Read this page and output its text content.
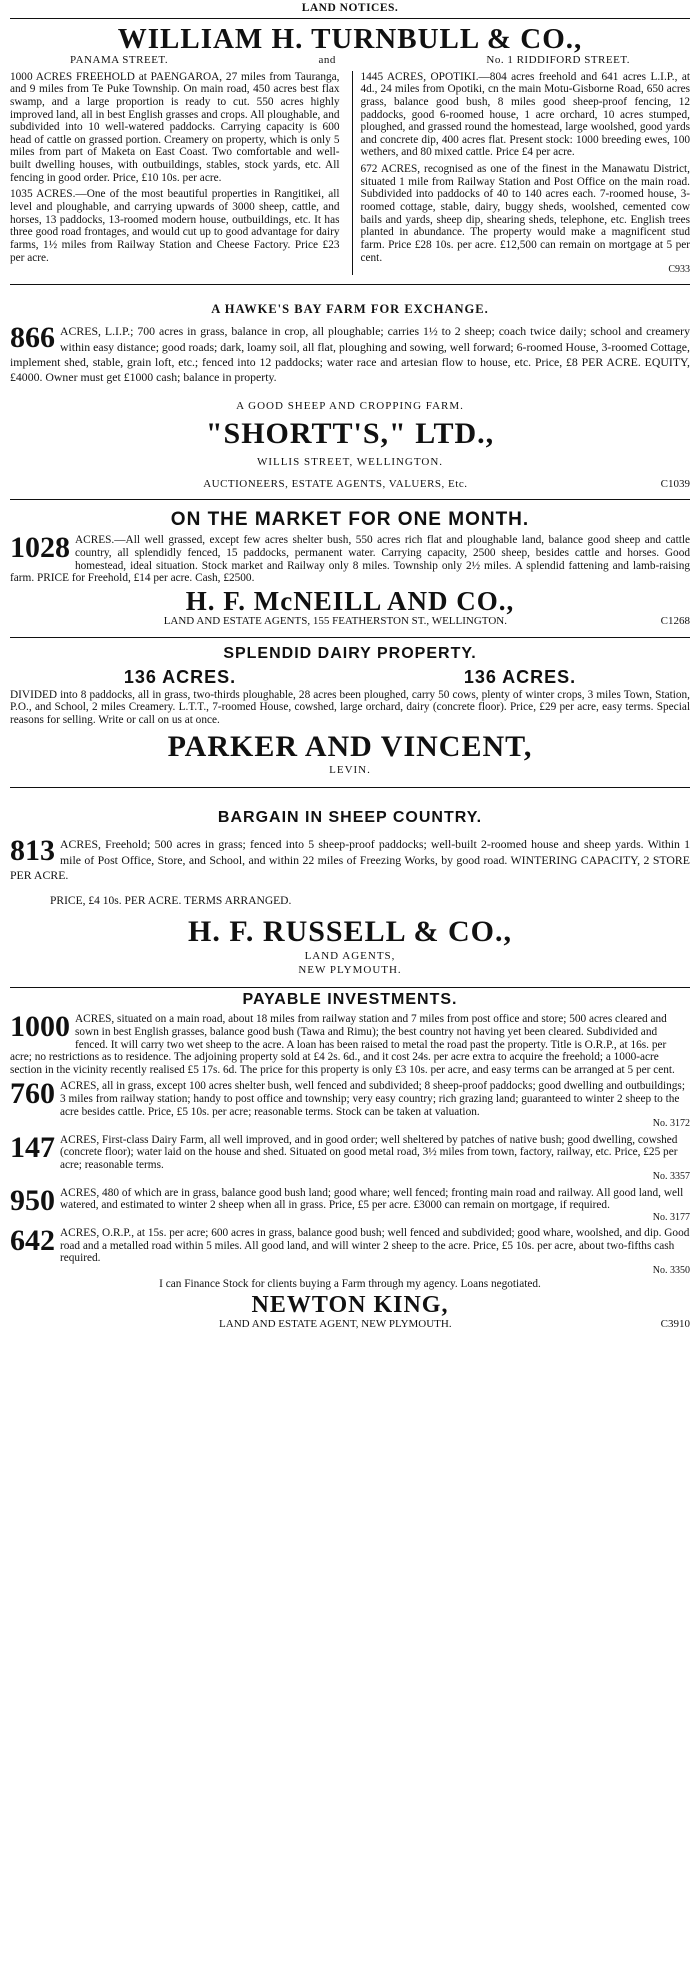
LAND NOTICES.
WILLIAM H. TURNBULL & CO.,
PANAMA STREET.	and	No. 1 RIDDIFORD STREET.

1000 ACRES FREEHOLD at PAENGAROA, 27 miles from Tauranga, and 9 miles from Te Puke Township. On main road, 450 acres best flax swamp, and a large proportion is ready to cut. 550 acres highly improved land, all in best English grasses and crops. All ploughable, and subdivided into 10 well-watered paddocks. Carrying capacity is 600 head of cattle on grassed portion. Creamery on property, which is only 5 miles from part of Maketa on East Coast. Two comfortable and well-built dwelling houses, with outbuildings, stables, stock yards, etc. All fencing in good order. Price, £10 10s. per acre.

1035 ACRES.—One of the most beautiful properties in Rangitikei, all level and ploughable, and carrying upwards of 3000 sheep, cattle, and horses, 13 paddocks, 13-roomed modern house, outbuildings, etc. It has three good road frontages, and would cut up to good advantage for dairy farms, 1½ miles from Railway Station and Cheese Factory. Price £23 per acre.

1445 ACRES, OPOTIKI.—804 acres freehold and 641 acres L.I.P., at 4d., 24 miles from Opotiki, cn the main Motu-Gisborne Road, 650 acres grass, balance good bush, 8 miles good sheep-proof fencing, 12 paddocks, good 6-roomed house, 1 acre orchard, 10 acres stumped, ploughed, and grassed round the homestead, large woolshed, good yards and concrete dip, 400 acres flat. Present stock: 1000 breeding ewes, 100 wethers, and 80 mixed cattle. Price £4 per acre.

672 ACRES, recognised as one of the finest in the Manawatu District, situated 1 mile from Railway Station and Post Office on the main road. Subdivided into paddocks of 40 to 140 acres each. 7-roomed house, 3-roomed cottage, stable, dairy, buggy sheds, woolshed, cemented cow bails and yards, sheep dip, shearing sheds, telephone, etc. English trees planted in abundance. The property would make a magnificent stud farm. Price £28 10s. per acre. £12,500 can remain on mortgage at 5 per cent.

C933
A HAWKE'S BAY FARM FOR EXCHANGE.

866 ACRES, L.I.P.; 700 acres in grass, balance in crop, all ploughable; carries 1½ to 2 sheep; coach twice daily; school and creamery within easy distance; good roads; dark, loamy soil, all flat, ploughing and sowing, well forward; 6-roomed House, 3-roomed Cottage, implement shed, stable, grain loft, etc.; fenced into 12 paddocks; water race and artesian flow to house, etc. Price, £8 PER ACRE. EQUITY, £4000. Owner must get £1000 cash; balance in property.

A GOOD SHEEP AND CROPPING FARM.
"SHORTT'S," LTD.,
WILLIS STREET, WELLINGTON.
AUCTIONEERS, ESTATE AGENTS, VALUERS, Etc.	C1039
ON THE MARKET FOR ONE MONTH.

1028 ACRES.—All well grassed, except few acres shelter bush, 550 acres rich flat and ploughable land, balance good sheep and cattle country, all splendidly fenced, 15 paddocks, permanent water. Carrying capacity, 2500 sheep, besides cattle and horses. Good homestead, ideal situation. Stock market and Railway only 8 miles. Township only 2½ miles. A splendid fattening and lamb-raising farm. PRICE for Freehold, £14 per acre. Cash, £2500.

H. F. McNEILL AND CO.,
LAND AND ESTATE AGENTS, 155 FEATHERSTON ST., WELLINGTON.	C1268
SPLENDID DAIRY PROPERTY.
136 ACRES.	136 ACRES.

DIVIDED into 8 paddocks, all in grass, two-thirds ploughable, 28 acres been ploughed, carry 50 cows, plenty of winter crops, 3 miles Town, Station, P.O., and School, 2 miles Creamery. L.T.T., 7-roomed House, cowshed, large orchard, dairy (concrete floor). Price, £29 per acre, easy terms. Special reasons for selling. Write or call on us at once.

PARKER AND VINCENT,
LEVIN.
BARGAIN IN SHEEP COUNTRY.

813 ACRES, Freehold; 500 acres in grass; fenced into 5 sheep-proof paddocks; well-built 2-roomed house and sheep yards. Within 1 mile of Post Office, Store, and School, and within 22 miles of Freezing Works, by good road. WINTERING CAPACITY, 2 STORE PER ACRE.

PRICE, £4 10s. PER ACRE. TERMS ARRANGED.
H. F. RUSSELL & CO.,
LAND AGENTS,
NEW PLYMOUTH.
PAYABLE INVESTMENTS.
1000 ACRES, situated on a main road, about 18 miles from railway station and 7 miles from post office and store; 500 acres cleared and sown in best English grasses, balance good bush (Tawa and Rimu); the best country not having yet been cleared. Subdivided and fenced. It will carry two wet sheep to the acre. A loan has been raised to metal the road past the property. Title is O.R.P., at 16s. per acre; no restrictions as to residence. The adjoining property sold at £4 2s. 6d., and it cost 24s. per acre extra to acquire the freehold; a 1000-acre section in the vicinity recently realised £5 17s. 6d. The price for this property is only £3 10s. per acre, and easy terms can be arranged at 5 per cent.
760 ACRES, all in grass, except 100 acres shelter bush, well fenced and subdivided; 8 sheep-proof paddocks; good dwelling and outbuildings; 3 miles from railway station; handy to post office and township; very easy country; rich grazing land; guaranteed to winter 2 sheep to the acre besides cattle. Price, £5 10s. per acre; reasonable terms. Stock can be taken at valuation.
No. 3172
147 ACRES, First-class Dairy Farm, all well improved, and in good order; well sheltered by patches of native bush; good dwelling, cowshed (concrete floor); water laid on the house and shed. Situated on good metal road, 3½ miles from town, factory, railway, etc. Price, £25 per acre; reasonable terms.
No. 3357
950 ACRES, 480 of which are in grass, balance good bush land; good whare; well fenced; fronting main road and railway. All good land, well watered, and estimated to winter 2 sheep when all in grass. Price, £5 per acre. £3000 can remain on mortgage, if required.
No. 3177
642 ACRES, O.R.P., at 15s. per acre; 600 acres in grass, balance good bush; well fenced and subdivided; good whare, woolshed, and dip. Good road and a metalled road within 5 miles. All good land, and will winter 2 sheep to the acre. Price, £5 10s. per acre, about two-fifths cash required.
No. 3350
I can Finance Stock for clients buying a Farm through my agency. Loans negotiated.
NEWTON KING,
LAND AND ESTATE AGENT, NEW PLYMOUTH.	C3910
